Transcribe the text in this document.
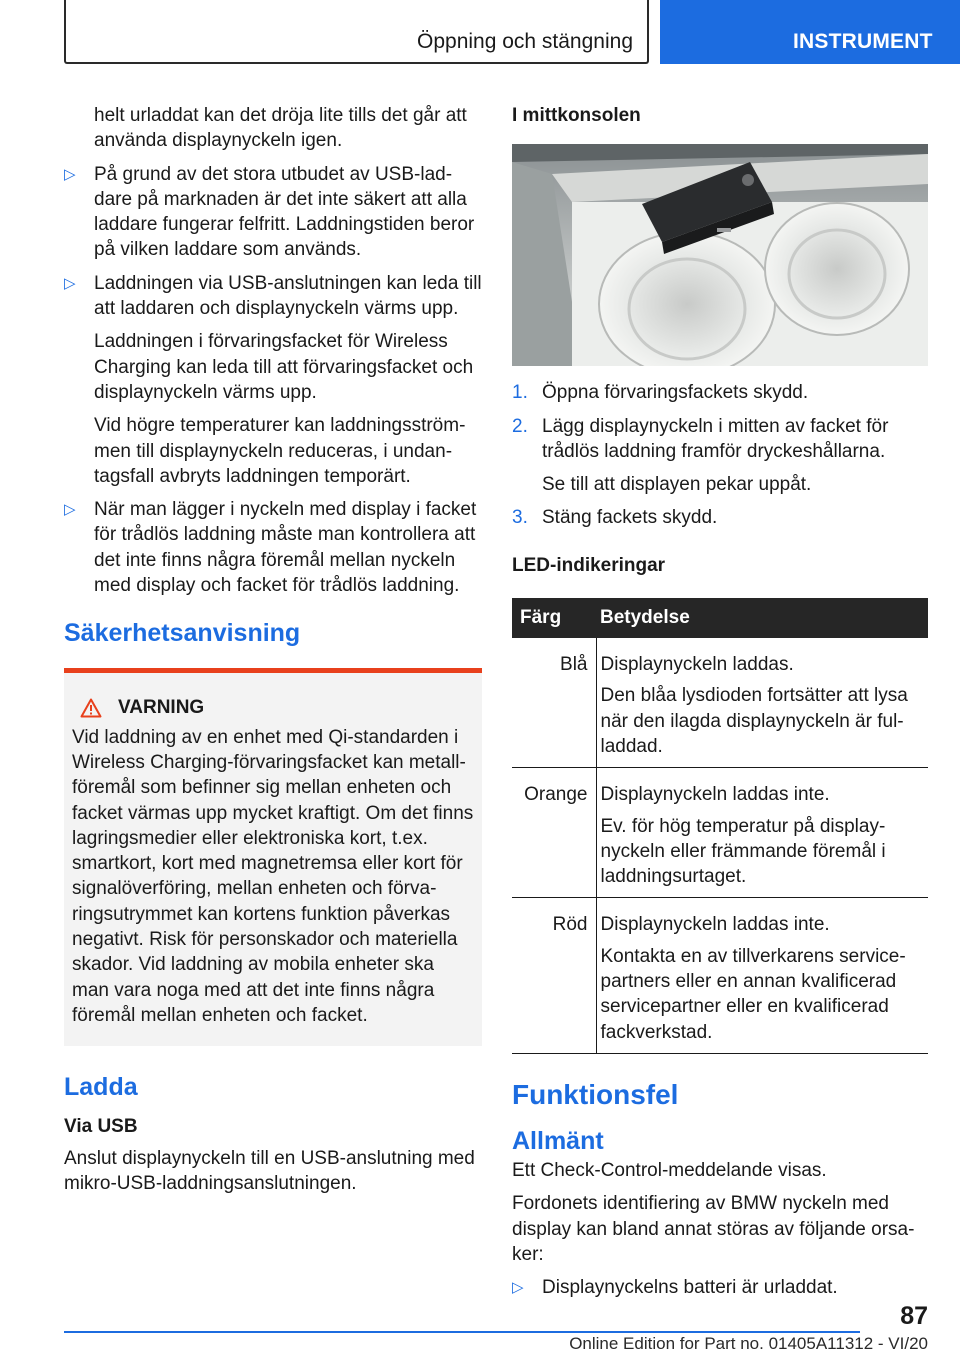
Öppning och stängning	INSTRUMENT
helt urladdat kan det dröja lite tills det går att använda displaynyckeln igen.
▷ På grund av det stora utbudet av USB-laddare på marknaden är det inte säkert att alla laddare fungerar felfritt. Laddningstiden beror på vilken laddare som används.
▷ Laddningen via USB-anslutningen kan leda till att laddaren och displaynyckeln värms upp.
Laddningen i förvaringsfacket för Wireless Charging kan leda till att förvaringsfacket och displaynyckeln värms upp.
Vid högre temperaturer kan laddningsströmmen till displaynyckeln reduceras, i undantagsfall avbryts laddningen temporärt.
▷ När man lägger i nyckeln med display i facket för trådlös laddning måste man kontrollera att det inte finns några föremål mellan nyckeln med display och facket för trådlös laddning.
Säkerhetsanvisning
VARNING
Vid laddning av en enhet med Qi-standarden i Wireless Charging-förvaringsfacket kan metallföremål som befinner sig mellan enheten och facket värmas upp mycket kraftigt. Om det finns lagringsmedier eller elektroniska kort, t.ex. smartkort, kort med magnetremsa eller kort för signalöverföring, mellan enheten och förvaringsutrymmet kan kortens funktion påverkas negativt. Risk för personskador och materiella skador. Vid laddning av mobila enheter ska man vara noga med att det inte finns några föremål mellan enheten och facket.
Ladda
Via USB
Anslut displaynyckeln till en USB-anslutning med mikro-USB-laddningsanslutningen.
I mittkonsolen
1. Öppna förvaringsfackets skydd.
2. Lägg displaynyckeln i mitten av facket för trådlös laddning framför dryckeshållarna.
Se till att displayen pekar uppåt.
3. Stäng fackets skydd.
LED-indikeringar
Färg	Betydelse
Blå	Displaynyckeln laddas.
Den blåa lysdioden fortsätter att lysa när den ilagda displaynyckeln är fulladdad.

Orange	Displaynyckeln laddas inte.
Ev. för hög temperatur på displaynyckeln eller främmande föremål i laddningsurtaget.

Röd	Displaynyckeln laddas inte.
Kontakta en av tillverkarens servicepartners eller en annan kvalificerad servicepartner eller en kvalificerad fackverkstad.
Funktionsfel
Allmänt
Ett Check-Control-meddelande visas.
Fordonets identifiering av BMW nyckeln med display kan bland annat störas av följande orsaker:
▷ Displaynyckelns batteri är urladdat.
87
Online Edition for Part no. 01405A11312 - VI/20
